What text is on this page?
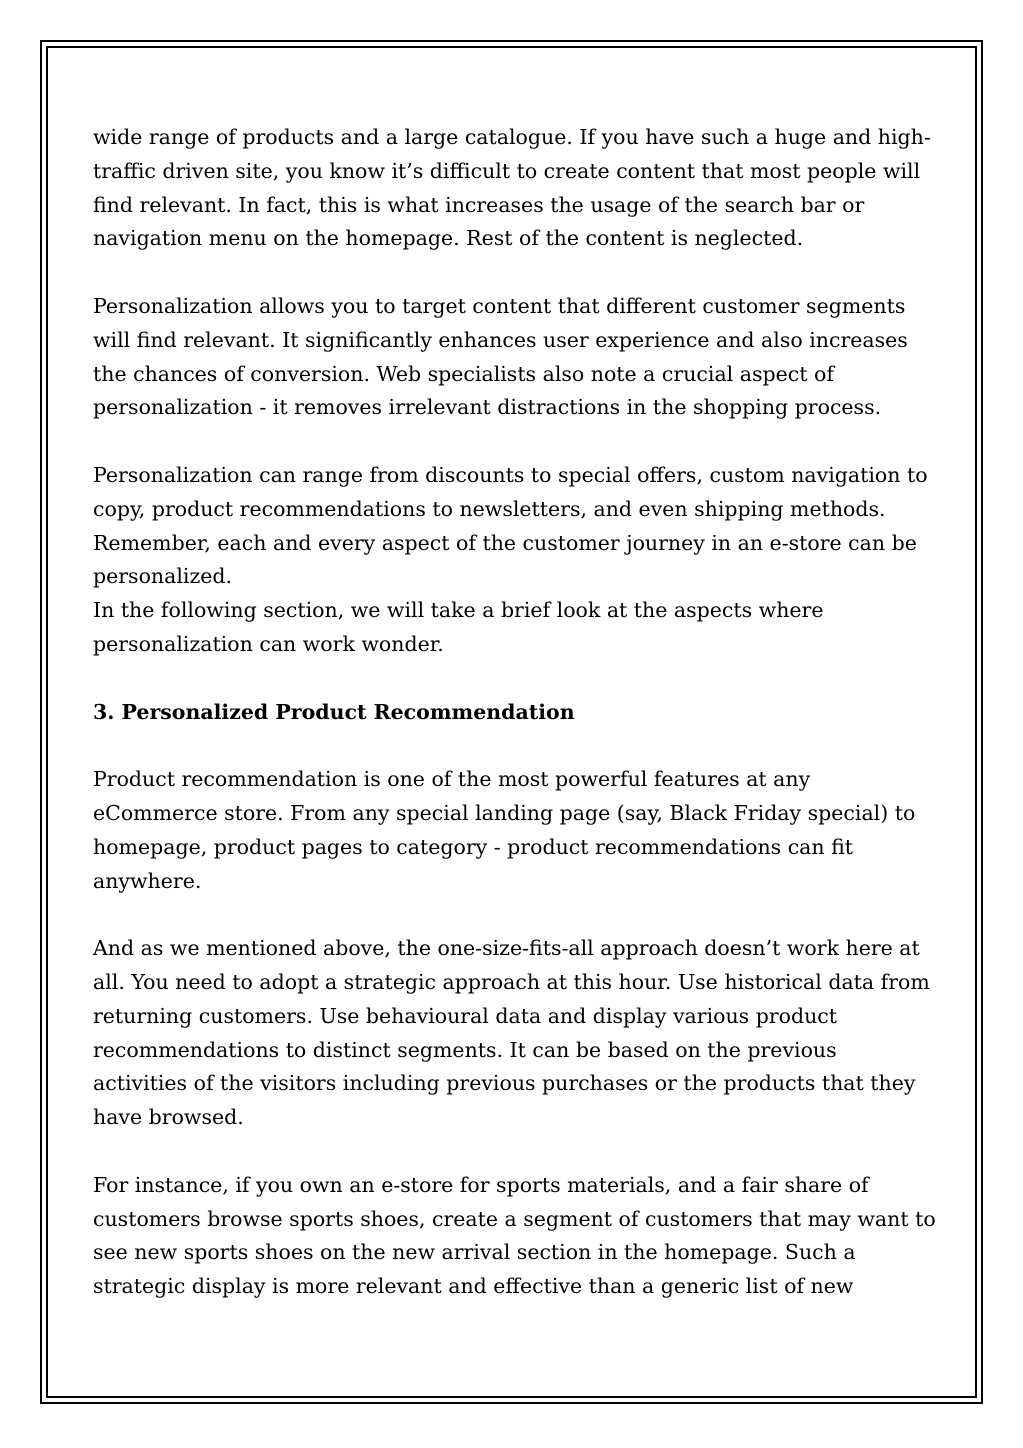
wide range of products and a large catalogue. If you have such a huge and high-
traffic driven site, you know it’s difficult to create content that most people will
find relevant. In fact, this is what increases the usage of the search bar or
navigation menu on the homepage. Rest of the content is neglected.

Personalization allows you to target content that different customer segments
will find relevant. It significantly enhances user experience and also increases
the chances of conversion. Web specialists also note a crucial aspect of
personalization - it removes irrelevant distractions in the shopping process.

Personalization can range from discounts to special offers, custom navigation to
copy, product recommendations to newsletters, and even shipping methods.
Remember, each and every aspect of the customer journey in an e-store can be
personalized.

In the following section, we will take a brief look at the aspects where
personalization can work wonder.

3. Personalized Product Recommendation

Product recommendation is one of the most powerful features at any
eCommerce store. From any special landing page (say, Black Friday special) to
homepage, product pages to category - product recommendations can fit
anywhere.

And as we mentioned above, the one-size-fits-all approach doesn’t work here at
all. You need to adopt a strategic approach at this hour. Use historical data from
returning customers. Use behavioural data and display various product
recommendations to distinct segments. It can be based on the previous
activities of the visitors including previous purchases or the products that they
have browsed.

For instance, if you own an e-store for sports materials, and a fair share of
customers browse sports shoes, create a segment of customers that may want to
see new sports shoes on the new arrival section in the homepage. Such a
strategic display is more relevant and effective than a generic list of new
